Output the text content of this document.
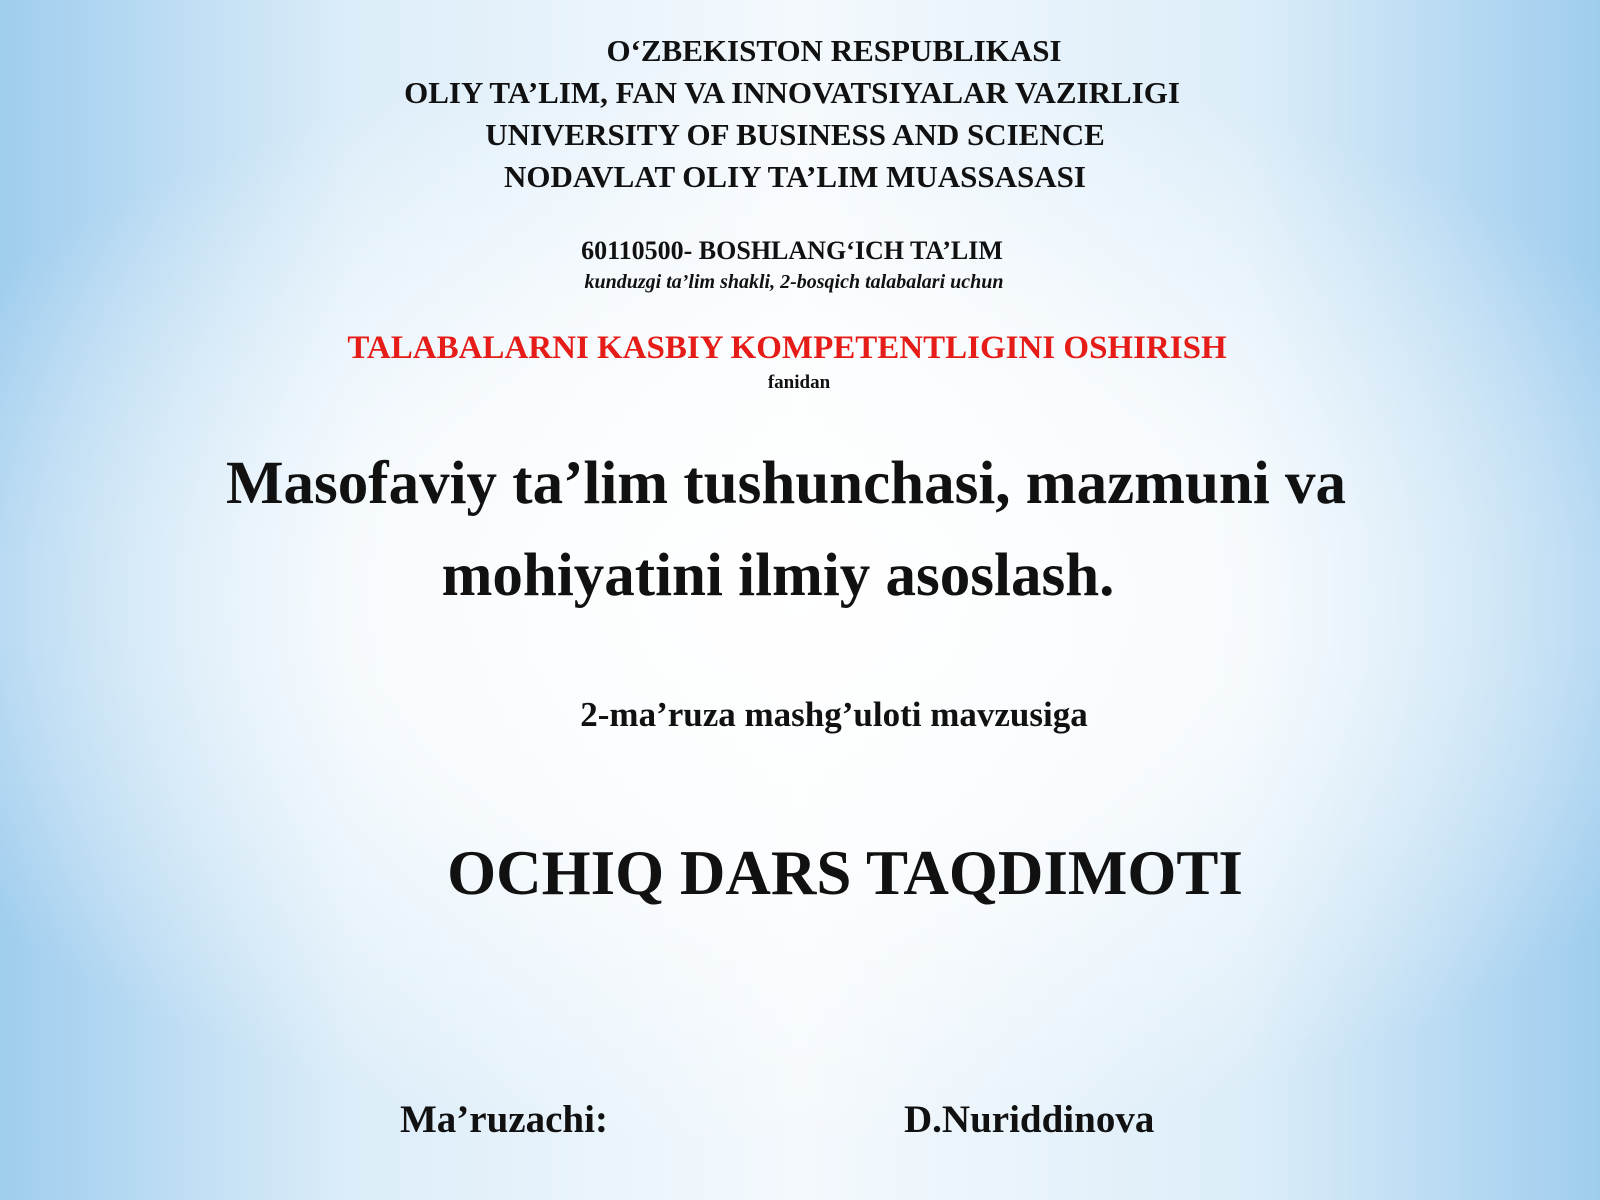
O‘ZBEKISTON RESPUBLIKASI
OLIY TA’LIM, FAN VA INNOVATSIYALAR VAZIRLIGI
UNIVERSITY OF BUSINESS AND SCIENCE
NODAVLAT OLIY TA’LIM MUASSASASI
60110500- BOSHLANG‘ICH TA’LIM
kunduzgi ta’lim shakli, 2-bosqich talabalari uchun
TALABALARNI KASBIY KOMPETENTLIGINI OSHIRISH
fanidan
Masofaviy ta’lim tushunchasi, mazmuni va
mohiyatini ilmiy asoslash.
2-ma’ruza mashg’uloti mavzusiga
OCHIQ DARS TAQDIMOTI
Ma’ruzachi:	D.Nuriddinova
